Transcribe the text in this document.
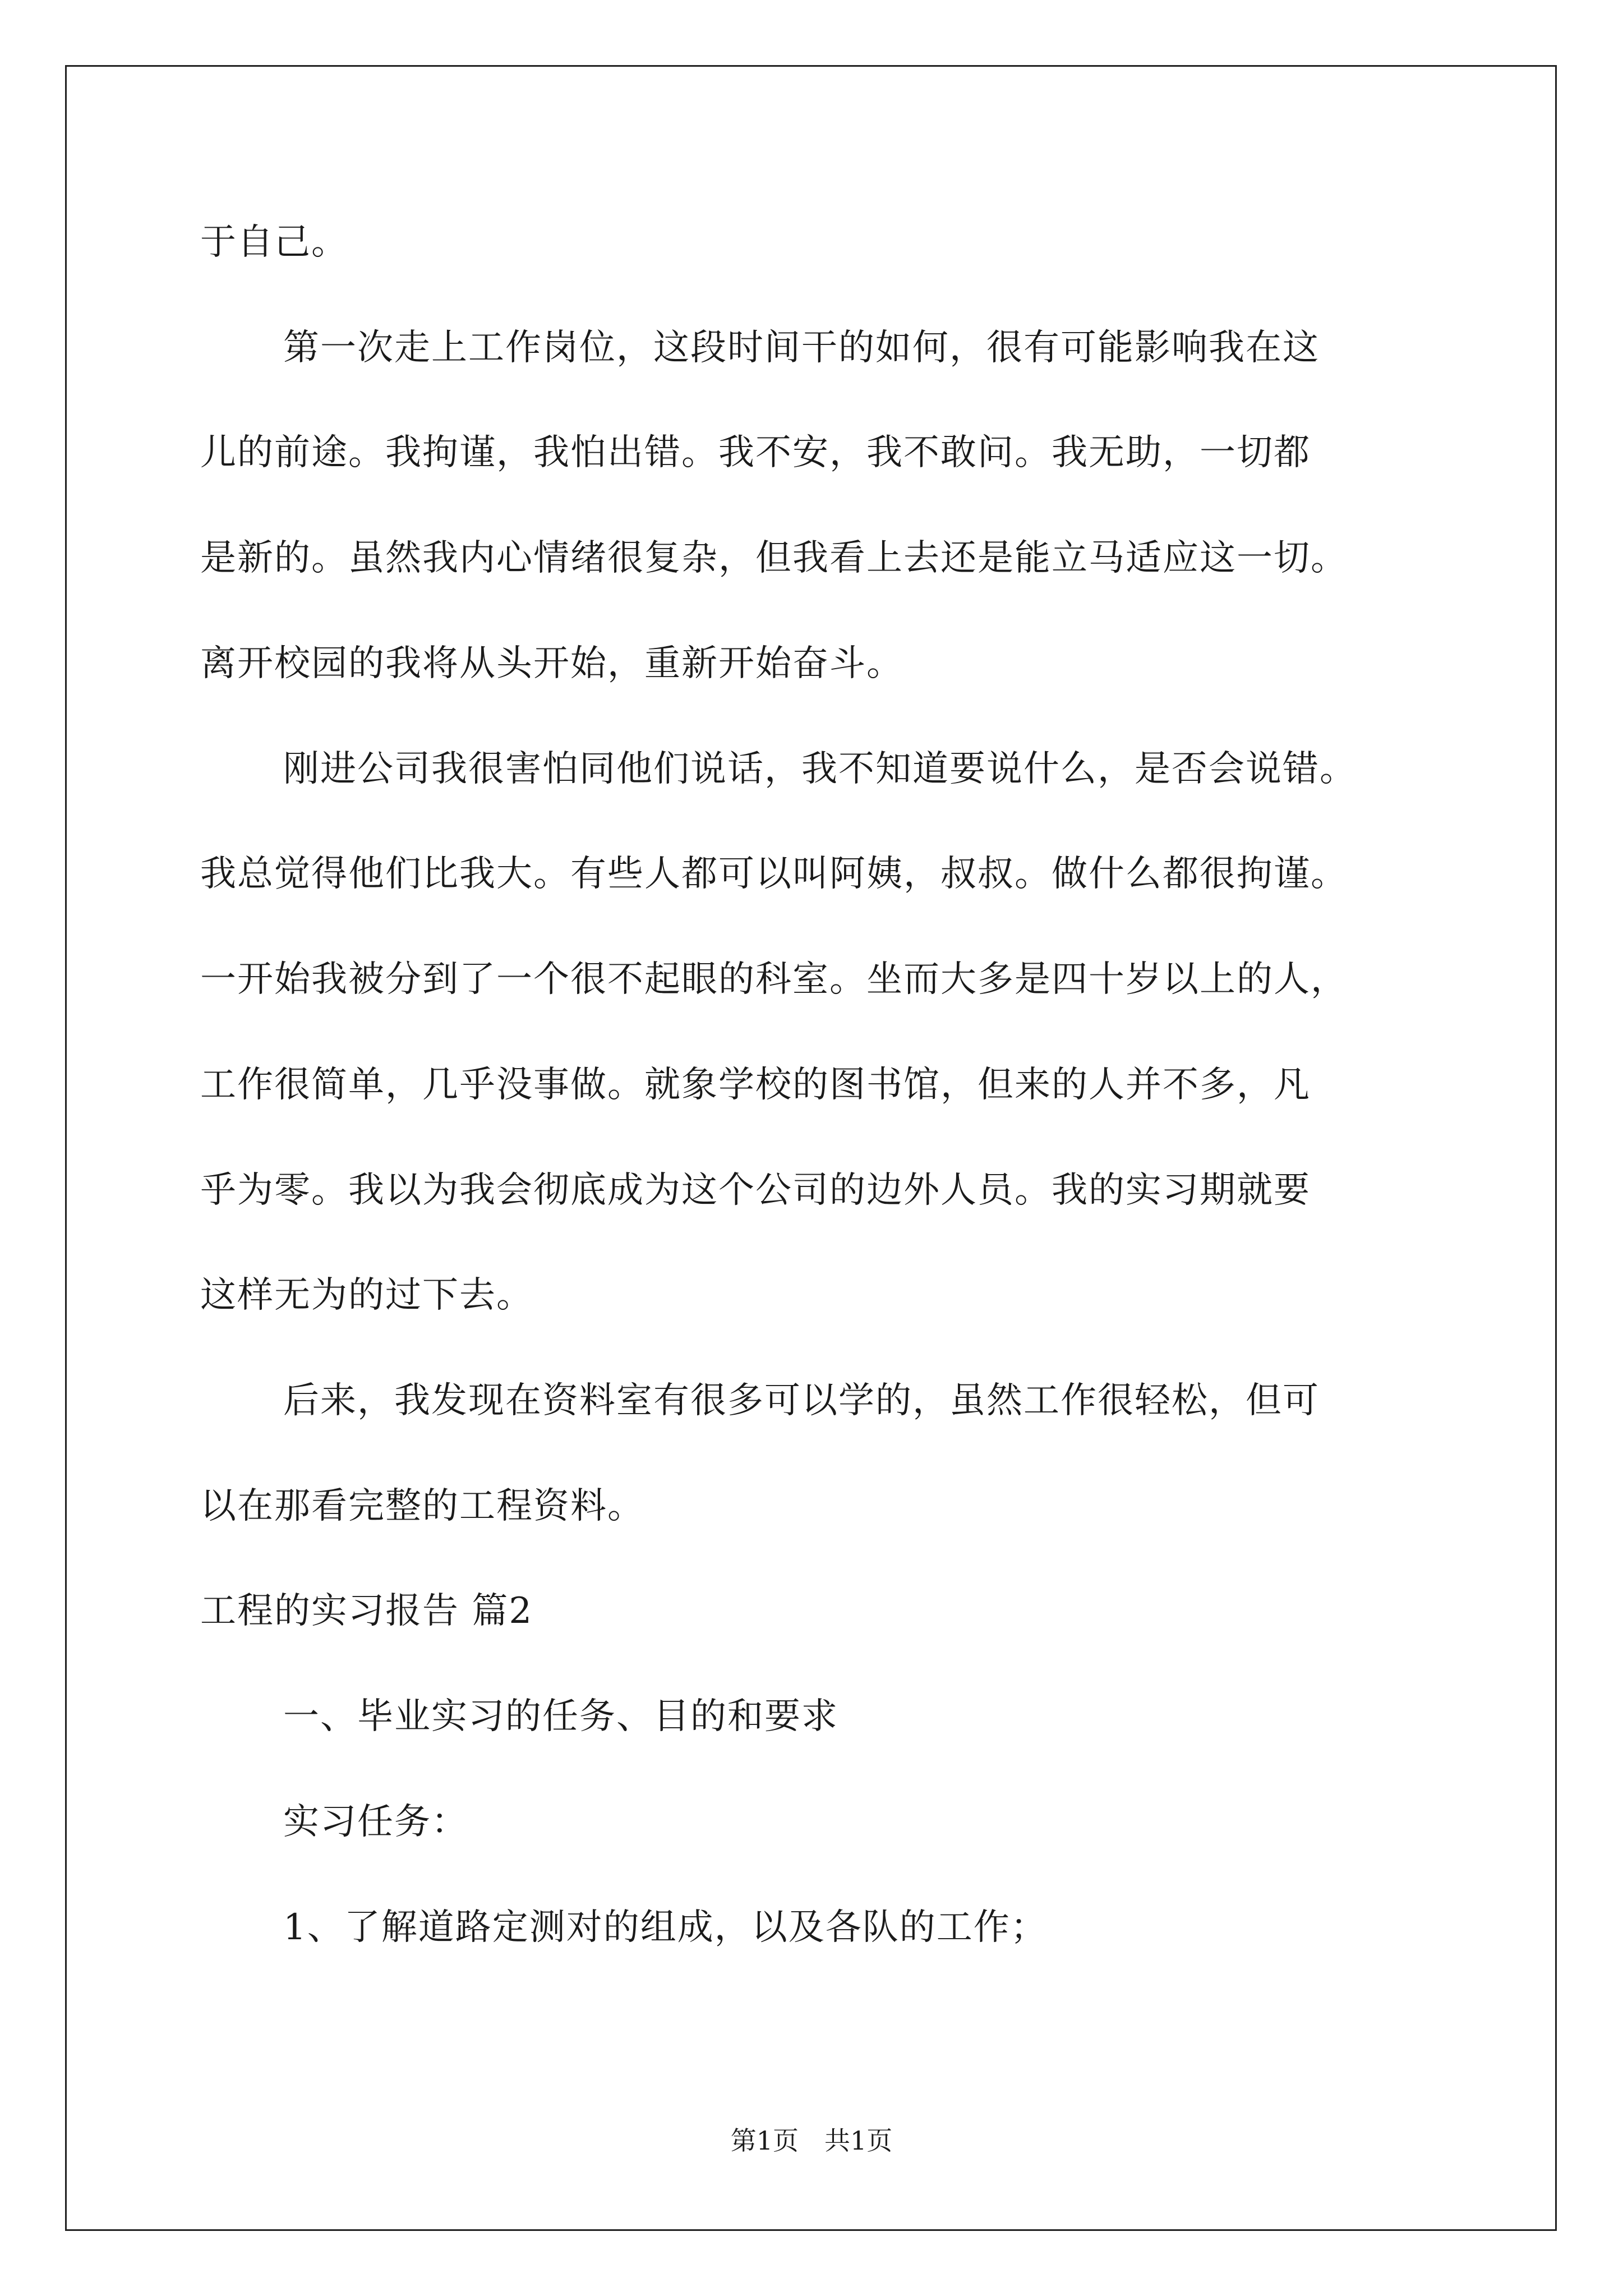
于自己。
第一次走上工作岗位，这段时间干的如何，很有可能影响我在这
儿的前途。我拘谨，我怕出错。我不安，我不敢问。我无助，一切都
是新的。虽然我内心情绪很复杂，但我看上去还是能立马适应这一切。
离开校园的我将从头开始，重新开始奋斗。
刚进公司我很害怕同他们说话，我不知道要说什么，是否会说错。
我总觉得他们比我大。有些人都可以叫阿姨，叔叔。做什么都很拘谨。
一开始我被分到了一个很不起眼的科室。坐而大多是四十岁以上的人，
工作很简单，几乎没事做。就象学校的图书馆，但来的人并不多，凡
乎为零。我以为我会彻底成为这个公司的边外人员。我的实习期就要
这样无为的过下去。
后来，我发现在资料室有很多可以学的，虽然工作很轻松，但可
以在那看完整的工程资料。
工程的实习报告 篇2
一、毕业实习的任务、目的和要求
实习任务：
1、了解道路定测对的组成，以及各队的工作；
第1页　共1页
